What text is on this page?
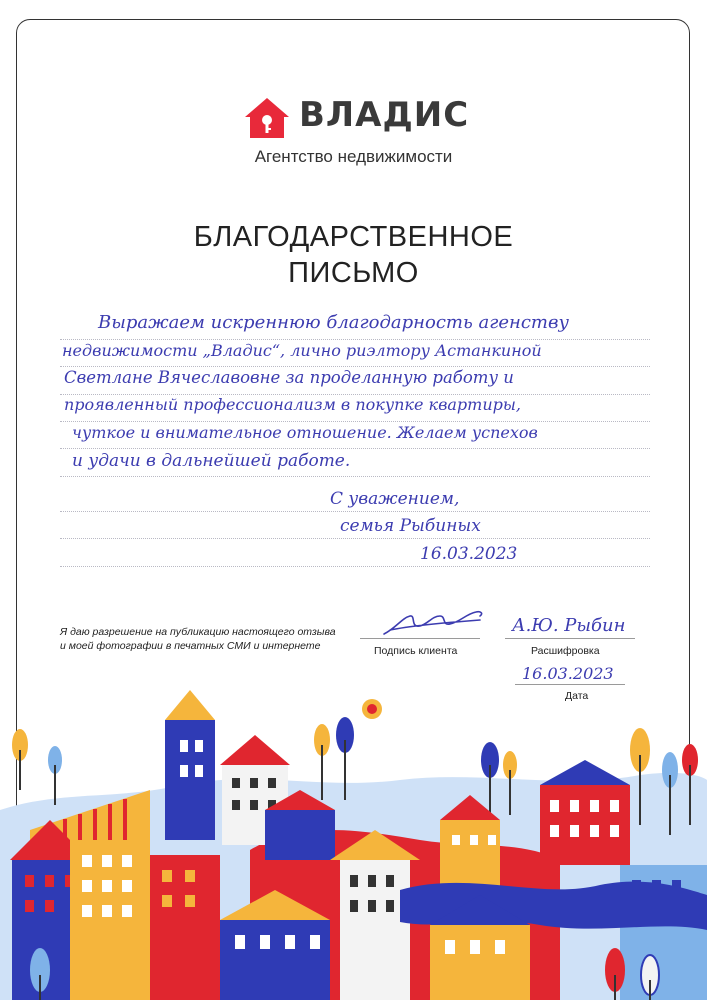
ВЛАДИС
Агентство недвижимости
БЛАГОДАРСТВЕННОЕ
ПИСЬМО
Выражаем искреннюю благодарность агенству
недвижимости „Владис“, лично риэлтору Астанкиной
Светлане Вячеславовне за проделанную работу и
проявленный профессионализм в покупке квартиры,
чуткое и внимательное отношение. Желаем успехов
и удачи в дальнейшей работе.
С уважением,
семья Рыбиных
16.03.2023
Я даю разрешение на публикацию настоящего отзыва
и моей фотографии в печатных СМИ и интернете	Подпись клиента
А.Ю. Рыбин
Расшифровка
16.03.2023
Дата
